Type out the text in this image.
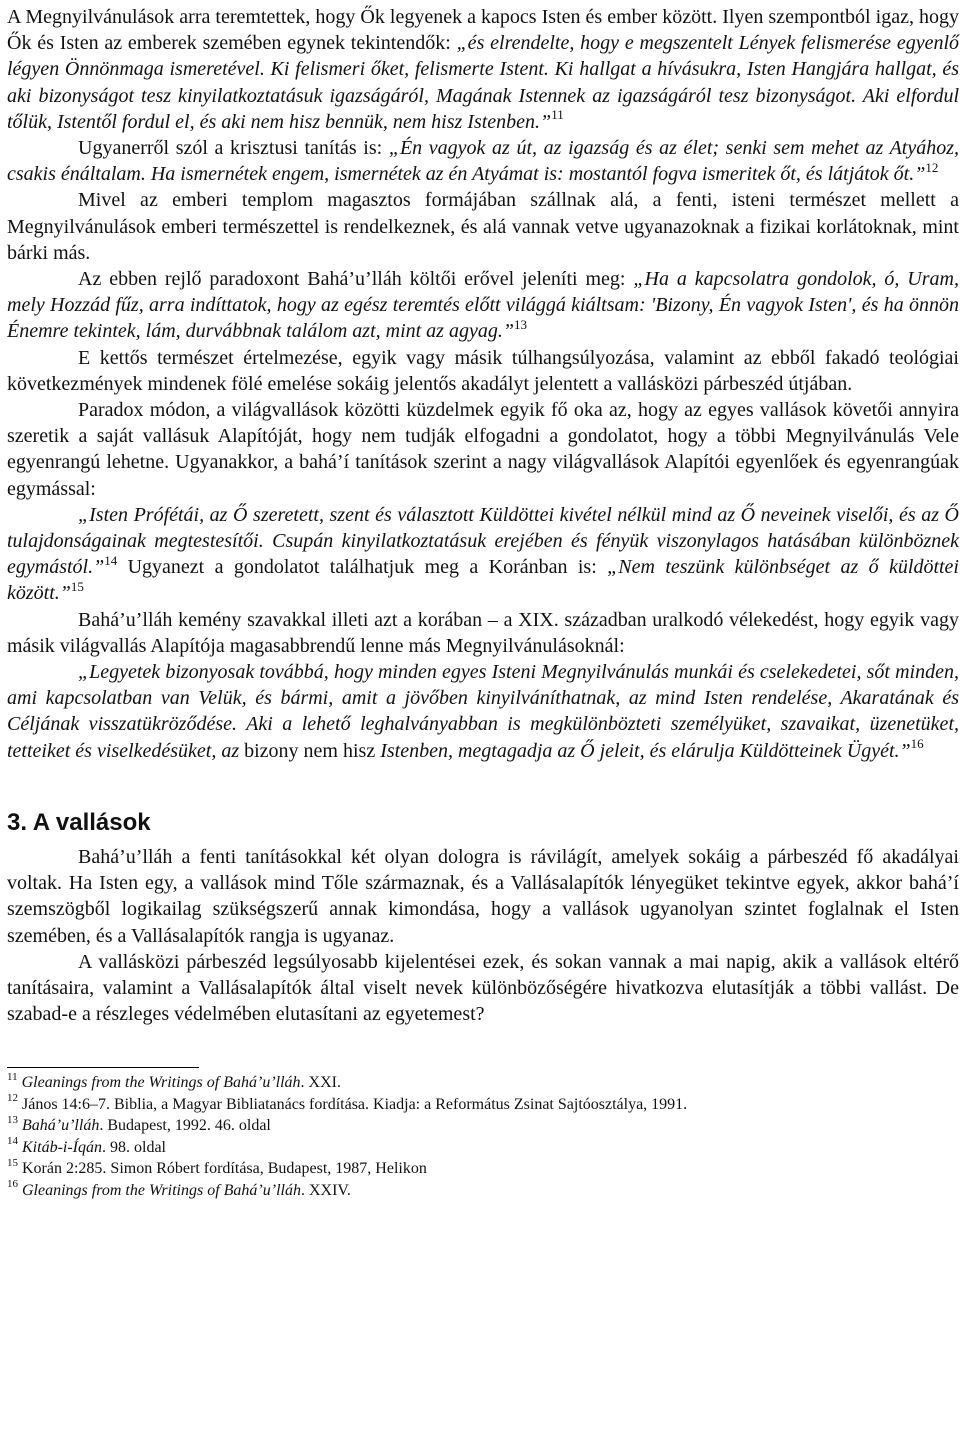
A Megnyilvánulások arra teremtettek, hogy Ők legyenek a kapocs Isten és ember között. Ilyen szempontból igaz, hogy Ők és Isten az emberek szemében egynek tekintendők: „és elrendelte, hogy e megszentelt Lények felismerése egyenlő légyen Önnönmaga ismeretével. Ki felismeri őket, felismerte Istent. Ki hallgat a hívásukra, Isten Hangjára hallgat, és aki bizonyságot tesz kinyilatkoztatásuk igazságáról, Magának Istennek az igazságáról tesz bizonyságot. Aki elfordul tőlük, Istentől fordul el, és aki nem hisz bennük, nem hisz Istenben.”$^{11}$

Ugyanerről szól a krisztusi tanítás is: „Én vagyok az út, az igazság és az élet; senki sem mehet az Atyához, csakis énáltalam. Ha ismernétek engem, ismernétek az én Atyámat is: mostantól fogva ismeritek őt, és látjátok őt.”$^{12}$

Mivel az emberi templom magasztos formájában szállnak alá, a fenti, isteni természet mellett a Megnyilvánulások emberi természettel is rendelkeznek, és alá vannak vetve ugyanazoknak a fizikai korlátoknak, mint bárki más.

Az ebben rejlő paradoxont Bahá’u’lláh költői erővel jeleníti meg: „Ha a kapcsolatra gondolok, ó, Uram, mely Hozzád fűz, arra indíttatok, hogy az egész teremtés előtt világgá kiáltsam: 'Bizony, Én vagyok Isten', és ha önnön Énemre tekintek, lám, durvábbnak találom azt, mint az agyag.”$^{13}$

E kettős természet értelmezése, egyik vagy másik túlhangsúlyozása, valamint az ebből fakadó teológiai következmények mindenek fölé emelése sokáig jelentős akadályt jelentett a vallásközi párbeszéd útjában.

Paradox módon, a világvallások közötti küzdelmek egyik fő oka az, hogy az egyes vallások követői annyira szeretik a saját vallásuk Alapítóját, hogy nem tudják elfogadni a gondolatot, hogy a többi Megnyilvánulás Vele egyenrangú lehetne. Ugyanakkor, a bahá’í tanítások szerint a nagy világvallások Alapítói egyenlőek és egyenrangúak egymással:

„Isten Prófétái, az Ő szeretett, szent és választott Küldöttei kivétel nélkül mind az Ő neveinek viselői, és az Ő tulajdonságainak megtestesítői. Csupán kinyilatkoztatásuk erejében és fényük viszonylagos hatásában különböznek egymástól.”$^{14}$ Ugyanezt a gondolatot találhatjuk meg a Koránban is: „Nem teszünk különbséget az ő küldöttei között.”$^{15}$

Bahá’u’lláh kemény szavakkal illeti azt a korában – a XIX. században uralkodó vélekedést, hogy egyik vagy másik világvallás Alapítója magasabbrendű lenne más Megnyilvánulásoknál:

„Legyetek bizonyosak továbbá, hogy minden egyes Isteni Megnyilvánulás munkái és cselekedetei, sőt minden, ami kapcsolatban van Velük, és bármi, amit a jövőben kinyilváníthatnak, az mind Isten rendelése, Akaratának és Céljának visszatükröződése. Aki a lehető leghalványabban is megkülönbözteti személyüket, szavaikat, üzenetüket, tetteiket és viselkedésüket, az bizony nem hisz Istenben, megtagadja az Ő jeleit, és elárulja Küldötteinek Ügyét.”$^{16}$

3. A vallások

Bahá’u’lláh a fenti tanításokkal két olyan dologra is rávilágít, amelyek sokáig a párbeszéd fő akadályai voltak. Ha Isten egy, a vallások mind Tőle származnak, és a Vallásalapítók lényegüket tekintve egyek, akkor bahá’í szemszögből logikailag szükségszerű annak kimondása, hogy a vallások ugyanolyan szintet foglalnak el Isten szemében, és a Vallásalapítók rangja is ugyanaz.

A vallásközi párbeszéd legsúlyosabb kijelentései ezek, és sokan vannak a mai napig, akik a vallások eltérő tanításaira, valamint a Vallásalapítók által viselt nevek különbözőségére hivatkozva elutasítják a többi vallást. De szabad-e a részleges védelmében elutasítani az egyetemest?

$^{11}$ Gleanings from the Writings of Bahá’u’lláh. XXI.
$^{12}$ János 14:6–7. Biblia, a Magyar Bibliatanács fordítása. Kiadja: a Református Zsinat Sajtóosztálya, 1991.
$^{13}$ Bahá’u’lláh. Budapest, 1992. 46. oldal
$^{14}$ Kitáb-i-Íqán. 98. oldal
$^{15}$ Korán 2:285. Simon Róbert fordítása, Budapest, 1987, Helikon
$^{16}$ Gleanings from the Writings of Bahá’u’lláh. XXIV.
